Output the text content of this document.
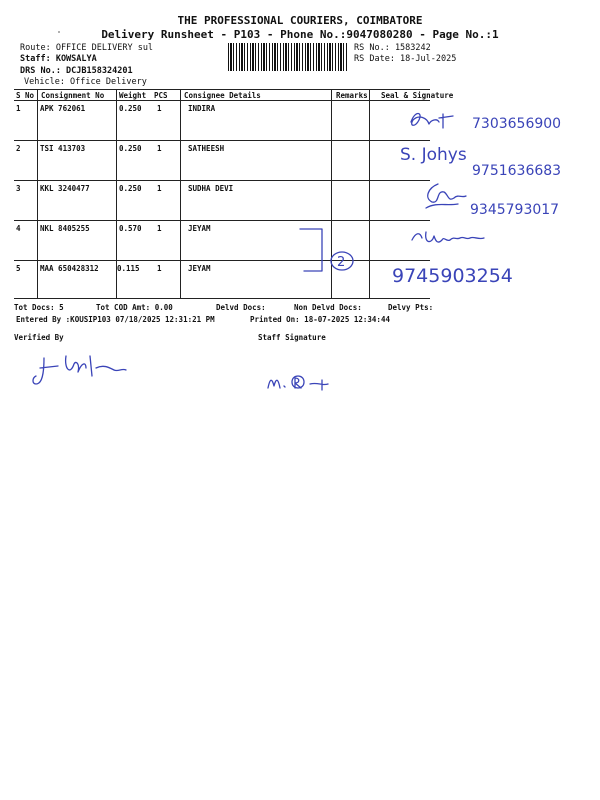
THE PROFESSIONAL COURIERS, COIMBATORE
Delivery Runsheet - P103 - Phone No.:9047080280 - Page No.:1
Route: OFFICE DELIVERY sul
Staff: KOWSALYA
DRS No.: DCJB158324201
Vehicle: Office Delivery
RS No.: 1583242
RS Date: 18-Jul-2025
S No Consignment No Weight PCS Consignee Details	Remarks Seal & Signature
1	APK 762061	0.250 1	INDIRA
2	TSI 413703	0.250 1	SATHEESH
3	KKL 3240477	0.250 1	SUDHA DEVI
4	NKL 8405255	0.570 1	JEYAM
5	MAA 650428312 0.115 1	JEYAM
7303656900
S. Johys
9751636683
9345793017
2
9745903254
Tot Docs: 5	Tot COD Amt: 0.00	Delvd Docs:	Non Delvd Docs:	Delvy Pts:
Entered By :KOUSIP103 07/18/2025 12:31:21 PM	Printed On: 18-07-2025 12:34:44
Verified By	Staff Signature
